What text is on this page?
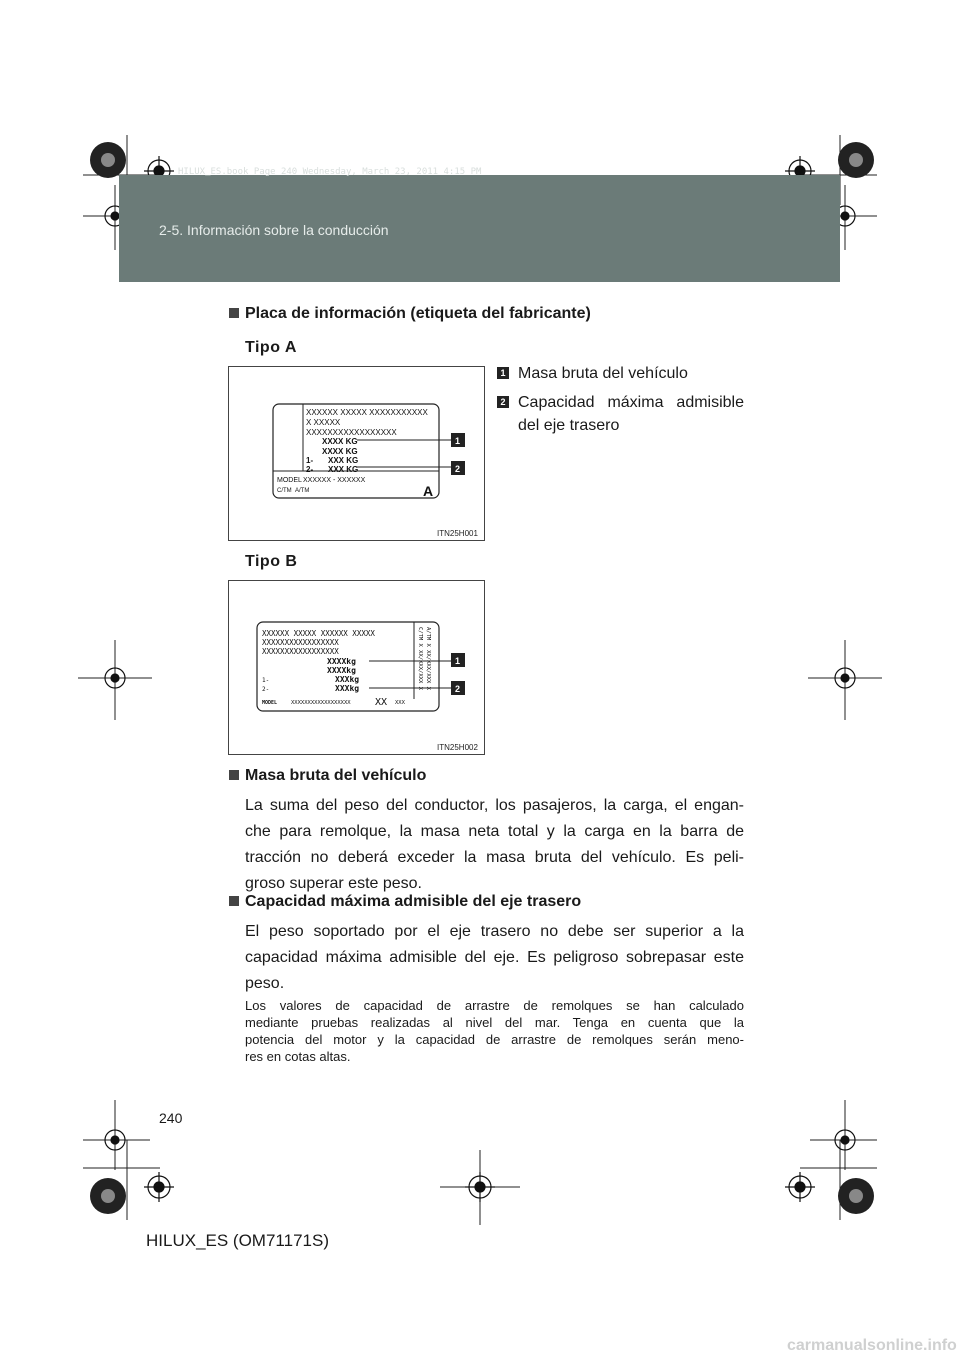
HILUX_ES.book Page 240 Wednesday, March 23, 2011 4:15 PM
2-5. Información sobre la conducción
Placa de información (etiqueta del fabricante)
Tipo A
1 Masa bruta del vehículo
2 Capacidad máxima admisible del eje trasero
XXXXXX XXXXX XXXXXXXXXXX
X XXXXX
XXXXXXXXXXXXXXXXX
XXXX KG
XXXX KG
1- XXX KG
2- XXX KG
MODEL XXXXXX - XXXXXX
C/TM A/TM	A
1
2
ITN25H001
Tipo B
XXXXXX XXXXX XXXXXX XXXXX
XXXXXXXXXXXXXXXXX
XXXXXXXXXXXXXXXXX
XXXXkg
XXXXkg
1-	XXXkg
2-	XXXkg
MODEL	XXXXXXXXXXXXXXXXXX XX XXX
C/TM X XX/XXX/XXX X A/TM X XX/XXX/XXX X	1
2
ITN25H002
Masa bruta del vehículo
La suma del peso del conductor, los pasajeros, la carga, el engan-
che para remolque, la masa neta total y la carga en la barra de
tracción no deberá exceder la masa bruta del vehículo. Es peli-
groso superar este peso.
Capacidad máxima admisible del eje trasero
El peso soportado por el eje trasero no debe ser superior a la
capacidad máxima admisible del eje. Es peligroso sobrepasar este
peso.
Los valores de capacidad de arrastre de remolques se han calculado
mediante pruebas realizadas al nivel del mar. Tenga en cuenta que la
potencia del motor y la capacidad de arrastre de remolques serán meno-
res en cotas altas.
240
HILUX_ES (OM71171S)
carmanualsonline.info
